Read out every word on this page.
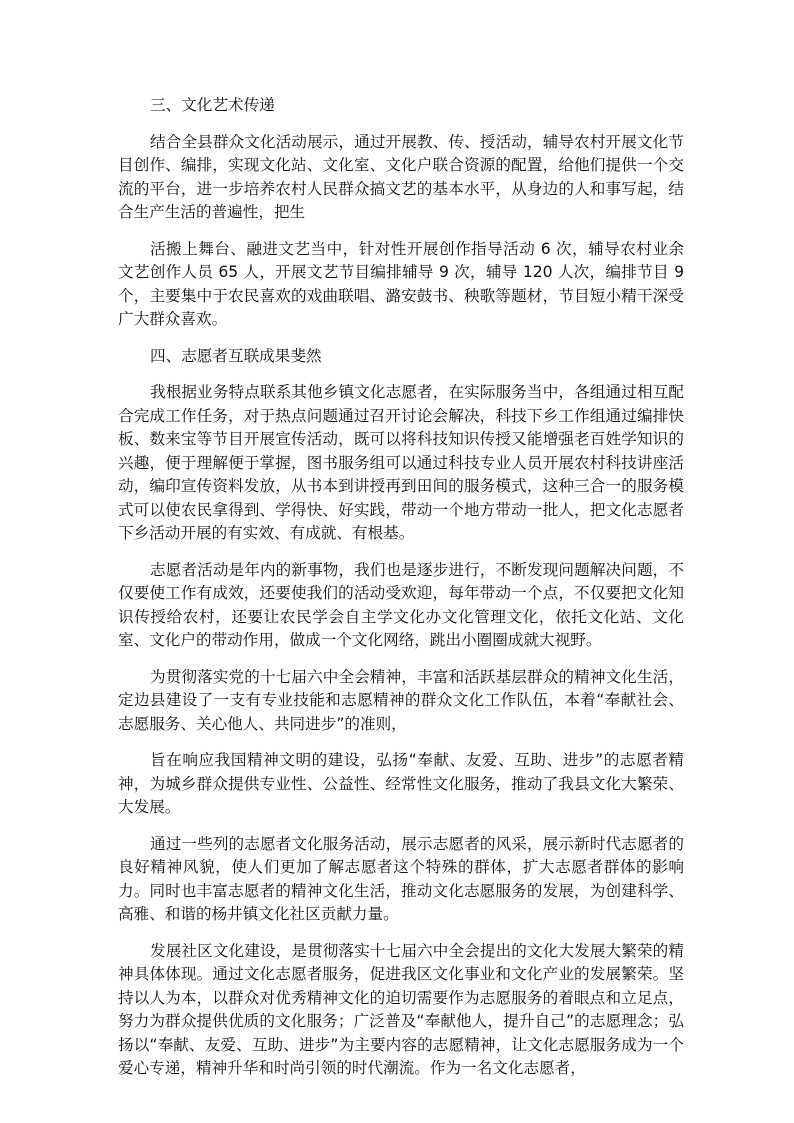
三、文化艺术传递

结合全县群众文化活动展示，通过开展教、传、授活动，辅导农村开展文化节目创作、编排，实现文化站、文化室、文化户联合资源的配置，给他们提供一个交流的平台，进一步培养农村人民群众搞文艺的基本水平，从身边的人和事写起，结合生产生活的普遍性，把生

活搬上舞台、融进文艺当中，针对性开展创作指导活动 6 次，辅导农村业余文艺创作人员 65 人，开展文艺节目编排辅导 9 次，辅导 120 人次，编排节目 9 个，主要集中于农民喜欢的戏曲联唱、潞安鼓书、秧歌等题材，节目短小精干深受广大群众喜欢。

四、志愿者互联成果斐然

我根据业务特点联系其他乡镇文化志愿者，在实际服务当中，各组通过相互配合完成工作任务，对于热点问题通过召开讨论会解决，科技下乡工作组通过编排快板、数来宝等节目开展宣传活动，既可以将科技知识传授又能增强老百姓学知识的兴趣，便于理解便于掌握，图书服务组可以通过科技专业人员开展农村科技讲座活动，编印宣传资料发放，从书本到讲授再到田间的服务模式，这种三合一的服务模式可以使农民拿得到、学得快、好实践，带动一个地方带动一批人，把文化志愿者下乡活动开展的有实效、有成就、有根基。

志愿者活动是年内的新事物，我们也是逐步进行，不断发现问题解决问题，不仅要使工作有成效，还要使我们的活动受欢迎，每年带动一个点，不仅要把文化知识传授给农村，还要让农民学会自主学文化办文化管理文化，依托文化站、文化室、文化户的带动作用，做成一个文化网络，跳出小圈圈成就大视野。

为贯彻落实党的十七届六中全会精神，丰富和活跃基层群众的精神文化生活，定边县建设了一支有专业技能和志愿精神的群众文化工作队伍，本着“奉献社会、志愿服务、关心他人、共同进步”的准则，

旨在响应我国精神文明的建设，弘扬“奉献、友爱、互助、进步”的志愿者精神，为城乡群众提供专业性、公益性、经常性文化服务，推动了我县文化大繁荣、大发展。

通过一些列的志愿者文化服务活动，展示志愿者的风采，展示新时代志愿者的良好精神风貌，使人们更加了解志愿者这个特殊的群体，扩大志愿者群体的影响力。同时也丰富志愿者的精神文化生活，推动文化志愿服务的发展，为创建科学、高雅、和谐的杨井镇文化社区贡献力量。

发展社区文化建设，是贯彻落实十七届六中全会提出的文化大发展大繁荣的精神具体体现。通过文化志愿者服务，促进我区文化事业和文化产业的发展繁荣。坚持以人为本，以群众对优秀精神文化的迫切需要作为志愿服务的着眼点和立足点，努力为群众提供优质的文化服务；广泛普及“奉献他人，提升自己”的志愿理念；弘扬以“奉献、友爱、互助、进步”为主要内容的志愿精神，让文化志愿服务成为一个爱心专递，精神升华和时尚引领的时代潮流。作为一名文化志愿者，
